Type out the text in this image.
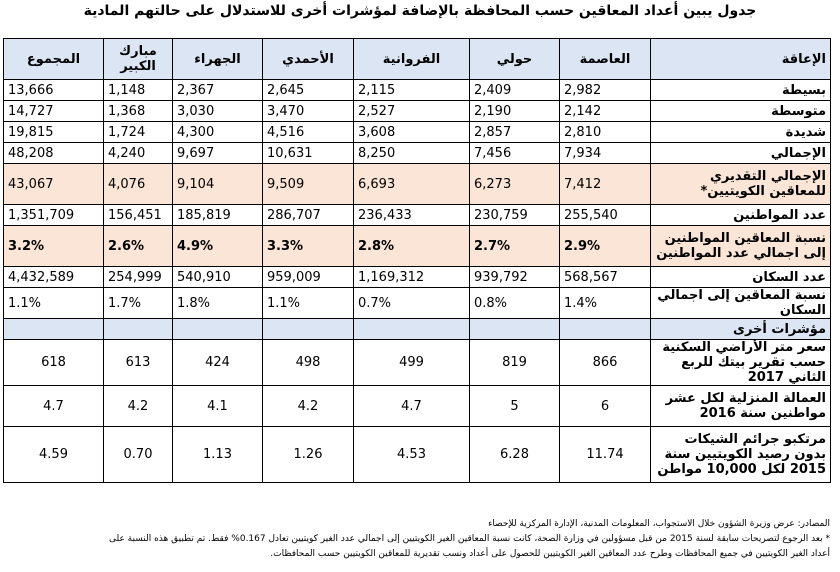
جدول يبين أعداد المعاقين حسب المحافظة بالإضافة لمؤشرات أخرى للاستدلال على حالتهم المادية
الإعاقة	العاصمة	حولي	الفروانية	الأحمدي	الجهراء	مبارك الكبير	المجموع
بسيطة	2,982	2,409	2,115	2,645	2,367	1,148	13,666
متوسطة	2,142	2,190	2,527	3,470	3,030	1,368	14,727
شديدة	2,810	2,857	3,608	4,516	4,300	1,724	19,815
الإجمالي	7,934	7,456	8,250	10,631	9,697	4,240	48,208
الإجمالي التقديري للمعاقين الكويتيين*	7,412	6,273	6,693	9,509	9,104	4,076	43,067
عدد المواطنين	255,540	230,759	236,433	286,707	185,819	156,451	1,351,709
نسبة المعاقين المواطنين إلى اجمالي عدد المواطنين	2.9%	2.7%	2.8%	3.3%	4.9%	2.6%	3.2%
عدد السكان	568,567	939,792	1,169,312	959,009	540,910	254,999	4,432,589
نسبة المعاقين إلى اجمالي السكان	1.4%	0.8%	0.7%	1.1%	1.8%	1.7%	1.1%
مؤشرات أخرى							
سعر متر الأراضي السكنية حسب تقرير بيتك للربع الثاني 2017	866	819	499	498	424	613	618
العمالة المنزلية لكل عشر مواطنين سنة 2016	6	5	4.7	4.2	4.1	4.2	4.7
مرتكبو جرائم الشيكات بدون رصيد الكويتيين سنة 2015 لكل 10,000 مواطن	11.74	6.28	4.53	1.26	1.13	0.70	4.59

المصادر: عرض وزيرة الشؤون خلال الاستجواب، المعلومات المدنية، الإدارة المركزية للإحصاء

* بعد الرجوع لتصريحات سابقة لسنة 2015 من قبل مسؤولين في وزارة الصحة، كانت نسبة المعاقين الغير الكويتيين إلى اجمالي عدد الغير كويتيين تعادل 0.167% فقط. تم تطبيق هذه النسبة على

أعداد الغير الكويتيين في جميع المحافظات وطرح عدد المعاقين الغير الكويتيين للحصول على أعداد ونسب تقديرية للمعاقين الكويتيين حسب المحافظات.
